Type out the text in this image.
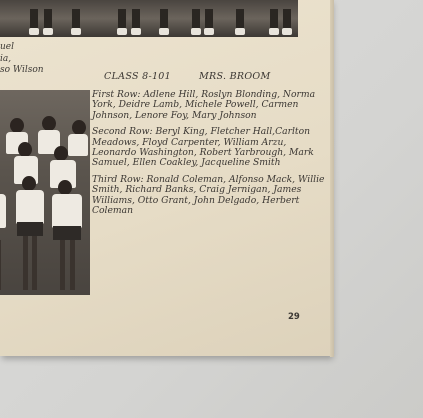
uel
ia,
so Wilson
CLASS 8-101	MRS. BROOM

First Row: Adlene Hill, Roslyn Blonding, Norma York, Deidre Lamb, Michele Powell, Carmen Johnson, Lenore Foy, Mary Johnson

Second Row: Beryl King, Fletcher Hall,Carlton Meadows, Floyd Carpenter, William Arzu, Leonardo Washington, Robert Yarbrough, Mark Samuel, Ellen Coakley, Jacqueline Smith

Third Row: Ronald Coleman, Alfonso Mack, Willie Smith, Richard Banks, Craig Jernigan, James Williams, Otto Grant, John Delgado, Herbert Coleman

29
